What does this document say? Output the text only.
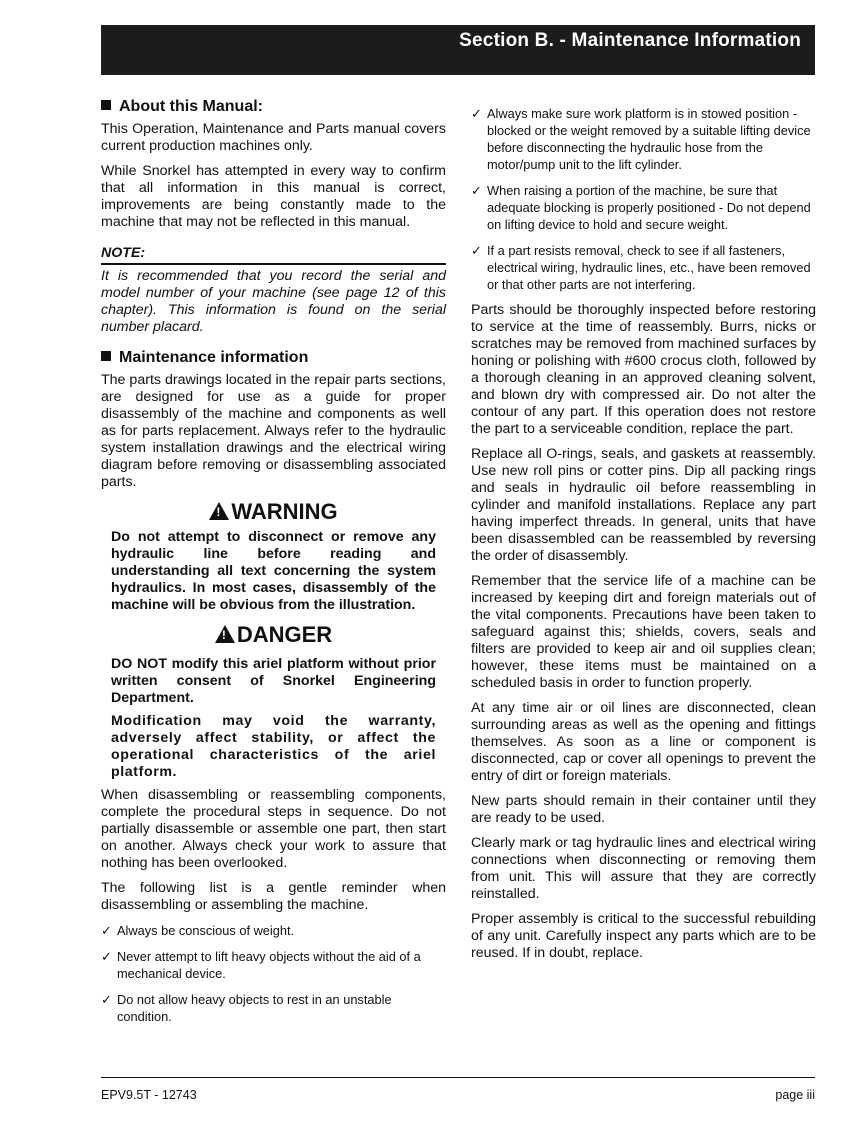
Section B. - Maintenance Information
About this Manual:

This Operation, Maintenance and Parts manual covers current production machines only.

While Snorkel has attempted in every way to confirm that all information in this manual is correct, improvements are being constantly made to the machine that may not be reflected in this manual.

NOTE:

It is recommended that you record the serial and model number of your machine (see page 12 of this chapter). This information is found on the serial number placard.

Maintenance information

The parts drawings located in the repair parts sections, are designed for use as a guide for proper disassembly of the machine and components as well as for parts replacement. Always refer to the hydraulic system installation drawings and the electrical wiring diagram before removing or disassembling associated parts.

!WARNING
Do not attempt to disconnect or remove any hydraulic line before reading and understanding all text concerning the system hydraulics. In most cases, disassembly of the machine will be obvious from the illustration.
!DANGER
DO NOT modify this ariel platform without prior written consent of Snorkel Engineering Department.
Modification may void the warranty, adversely affect stability, or affect the operational characteristics of the ariel platform.

When disassembling or reassembling components, complete the procedural steps in sequence. Do not partially disassemble or assemble one part, then start on another. Always check your work to assure that nothing has been overlooked.

The following list is a gentle reminder when disassembling or assembling the machine.

✓ Always be conscious of weight.
✓ Never attempt to lift heavy objects without the aid of a mechanical device.
✓ Do not allow heavy objects to rest in an unstable condition.
✓ Always make sure work platform is in stowed position - blocked or the weight removed by a suitable lifting device before disconnecting the hydraulic hose from the motor/pump unit to the lift cylinder.
✓ When raising a portion of the machine, be sure that adequate blocking is properly positioned - Do not depend on lifting device to hold and secure weight.
✓ If a part resists removal, check to see if all fasteners, electrical wiring, hydraulic lines, etc., have been removed or that other parts are not interfering.

Parts should be thoroughly inspected before restoring to service at the time of reassembly. Burrs, nicks or scratches may be removed from machined surfaces by honing or polishing with #600 crocus cloth, followed by a thorough cleaning in an approved cleaning solvent, and blown dry with compressed air. Do not alter the contour of any part. If this operation does not restore the part to a serviceable condition, replace the part.

Replace all O-rings, seals, and gaskets at reassembly. Use new roll pins or cotter pins. Dip all packing rings and seals in hydraulic oil before reassembling in cylinder and manifold installations. Replace any part having imperfect threads. In general, units that have been disassembled can be reassembled by reversing the order of disassembly.

Remember that the service life of a machine can be increased by keeping dirt and foreign materials out of the vital components. Precautions have been taken to safeguard against this; shields, covers, seals and filters are provided to keep air and oil supplies clean; however, these items must be maintained on a scheduled basis in order to function properly.

At any time air or oil lines are disconnected, clean surrounding areas as well as the opening and fittings themselves. As soon as a line or component is disconnected, cap or cover all openings to prevent the entry of dirt or foreign materials.

New parts should remain in their container until they are ready to be used.

Clearly mark or tag hydraulic lines and electrical wiring connections when disconnecting or removing them from unit. This will assure that they are correctly reinstalled.

Proper assembly is critical to the successful rebuilding of any unit. Carefully inspect any parts which are to be reused. If in doubt, replace.

EPV9.5T - 12743	page iii
